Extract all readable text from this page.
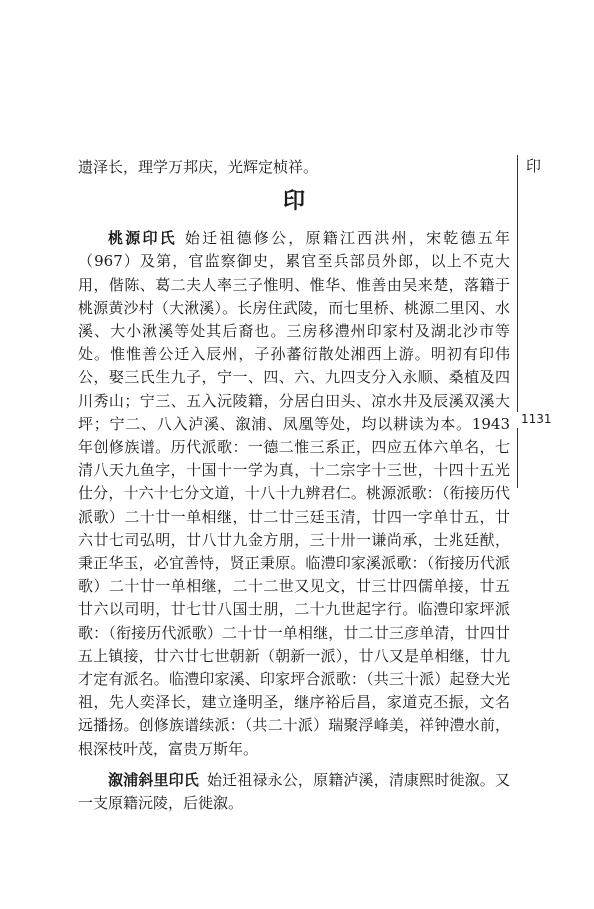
遗泽长，理学万邦庆，光辉定桢祥。

印

桃源印氏 始迁祖德修公，原籍江西洪州，宋乾德五年（967）及第，官监察御史，累官至兵部员外郎，以上不克大用，偕陈、葛二夫人率三子惟明、惟华、惟善由吴来楚，落籍于桃源黄沙村（大湫溪）。长房住武陵，而七里桥、桃源二里冈、水溪、大小湫溪等处其后裔也。三房移澧州印家村及湖北沙市等处。惟惟善公迁入辰州，子孙蕃衍散处湘西上游。明初有印伟公，娶三氏生九子，宁一、四、六、九四支分入永顺、桑植及四川秀山；宁三、五入沅陵籍，分居白田头、凉水井及辰溪双溪大坪；宁二、八入泸溪、溆浦、凤凰等处，均以耕读为本。1943 年创修族谱。历代派歌：一德二惟三系正，四应五体六单名，七清八天九鱼字，十国十一学为真，十二宗字十三世，十四十五光仕分，十六十七分文道，十八十九辨君仁。桃源派歌：（衔接历代派歌）二十廿一单相继，廿二廿三廷玉清，廿四一字单廿五，廿六廿七司弘明，廿八廿九金方朋，三十卅一谦尚承，士兆廷猷，秉正华玉，必宜善恃，贤正秉原。临澧印家溪派歌：（衔接历代派歌）二十廿一单相继，二十二世又见文，廿三廿四儒单接，廿五廿六以司明，廿七廿八国士朋，二十九世起字行。临澧印家坪派歌：（衔接历代派歌）二十廿一单相继，廿二廿三彦单清，廿四廿五上镇接，廿六廿七世朝新（朝新一派），廿八又是单相继，廿九才定有派名。临澧印家溪、印家坪合派歌：（共三十派）起登大光祖，先人奕泽长，建立逢明圣，继序裕后昌，家道克丕振，文名远播扬。创修族谱续派：（共二十派）瑞聚浮峰美，祥钟澧水前，根深枝叶茂，富贵万斯年。

溆浦斜里印氏 始迁祖禄永公，原籍泸溪，清康熙时徙溆。又一支原籍沅陵，后徙溆。

印
1131
